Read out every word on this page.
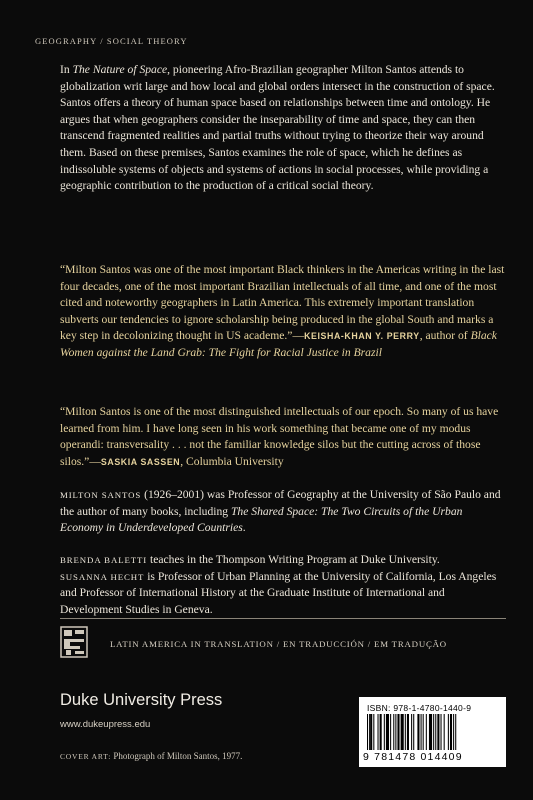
GEOGRAPHY / SOCIAL THEORY

In The Nature of Space, pioneering Afro-Brazilian geographer Milton Santos attends to globalization writ large and how local and global orders intersect in the construction of space. Santos offers a theory of human space based on relationships between time and ontology. He argues that when geographers consider the inseparability of time and space, they can then transcend fragmented realities and partial truths without trying to theorize their way around them. Based on these premises, Santos examines the role of space, which he defines as indissoluble systems of objects and systems of actions in social processes, while providing a geographic contribution to the production of a critical social theory.

“Milton Santos was one of the most important Black thinkers in the Americas writing in the last four decades, one of the most important Brazilian intellectuals of all time, and one of the most cited and noteworthy geographers in Latin America. This extremely important translation subverts our tendencies to ignore scholarship being produced in the global South and marks a key step in decolonizing thought in US academe.”—KEISHA-KHAN Y. PERRY, author of Black Women against the Land Grab: The Fight for Racial Justice in Brazil

“Milton Santos is one of the most distinguished intellectuals of our epoch. So many of us have learned from him. I have long seen in his work something that became one of my modus operandi: transversality . . . not the familiar knowledge silos but the cutting across of those silos.”—SASKIA SASSEN, Columbia University

MILTON SANTOS (1926–2001) was Professor of Geography at the University of São Paulo and the author of many books, including The Shared Space: The Two Circuits of the Urban Economy in Underdeveloped Countries.

BRENDA BALETTI teaches in the Thompson Writing Program at Duke University.
SUSANNA HECHT is Professor of Urban Planning at the University of California, Los Angeles and Professor of International History at the Graduate Institute of International and Development Studies in Geneva.

LATIN AMERICA IN TRANSLATION / EN TRADUCCIÓN / EM TRADUÇÃO
Duke University Press
www.dukeupress.edu
COVER ART: Photograph of Milton Santos, 1977.
ISBN: 978-1-4780-1440-9
9 781478 014409
